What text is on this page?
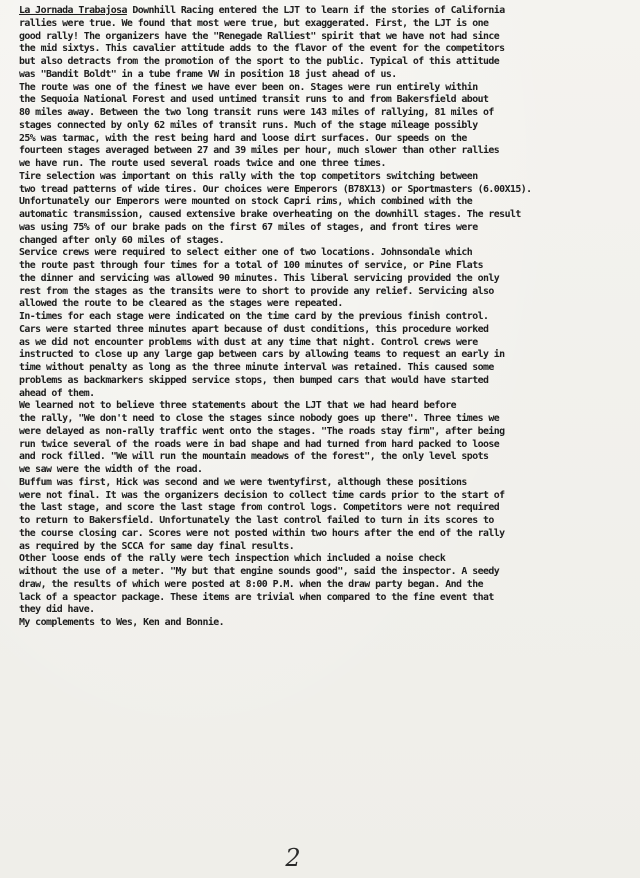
La Jornada Trabajosa Downhill Racing entered the LJT to learn if the stories of California
rallies were true. We found that most were true, but exaggerated. First, the LJT is one
good rally! The organizers have the "Renegade Ralliest" spirit that we have not had since
the mid sixtys. This cavalier attitude adds to the flavor of the event for the competitors
but also detracts from the promotion of the sport to the public. Typical of this attitude
was "Bandit Boldt" in a tube frame VW in position 18 just ahead of us.
The route was one of the finest we have ever been on. Stages were run entirely within
the Sequoia National Forest and used untimed transit runs to and from Bakersfield about
80 miles away. Between the two long transit runs were 143 miles of rallying, 81 miles of
stages connected by only 62 miles of transit runs. Much of the stage mileage possibly
25% was tarmac, with the rest being hard and loose dirt surfaces. Our speeds on the
fourteen stages averaged between 27 and 39 miles per hour, much slower than other rallies
we have run. The route used several roads twice and one three times.
Tire selection was important on this rally with the top competitors switching between
two tread patterns of wide tires. Our choices were Emperors (B78X13) or Sportmasters (6.00X15).
Unfortunately our Emperors were mounted on stock Capri rims, which combined with the
automatic transmission, caused extensive brake overheating on the downhill stages. The result
was using 75% of our brake pads on the first 67 miles of stages, and front tires were
changed after only 60 miles of stages.
Service crews were required to select either one of two locations. Johnsondale which
the route past through four times for a total of 100 minutes of service, or Pine Flats
the dinner and servicing was allowed 90 minutes. This liberal servicing provided the only
rest from the stages as the transits were to short to provide any relief. Servicing also
allowed the route to be cleared as the stages were repeated.
In-times for each stage were indicated on the time card by the previous finish control.
Cars were started three minutes apart because of dust conditions, this procedure worked
as we did not encounter problems with dust at any time that night. Control crews were
instructed to close up any large gap between cars by allowing teams to request an early in
time without penalty as long as the three minute interval was retained. This caused some
problems as backmarkers skipped service stops, then bumped cars that would have started
ahead of them.
We learned not to believe three statements about the LJT that we had heard before
the rally, "We don't need to close the stages since nobody goes up there". Three times we
were delayed as non-rally traffic went onto the stages. "The roads stay firm", after being
run twice several of the roads were in bad shape and had turned from hard packed to loose
and rock filled. "We will run the mountain meadows of the forest", the only level spots
we saw were the width of the road.
Buffum was first, Hick was second and we were twentyfirst, although these positions
were not final. It was the organizers decision to collect time cards prior to the start of
the last stage, and score the last stage from control logs. Competitors were not required
to return to Bakersfield. Unfortunately the last control failed to turn in its scores to
the course closing car. Scores were not posted within two hours after the end of the rally
as required by the SCCA for same day final results.
Other loose ends of the rally were tech inspection which included a noise check
without the use of a meter. "My but that engine sounds good", said the inspector. A seedy
draw, the results of which were posted at 8:00 P.M. when the draw party began. And the
lack of a speactor package. These items are trivial when compared to the fine event that
they did have.
My complements to Wes, Ken and Bonnie.
2
